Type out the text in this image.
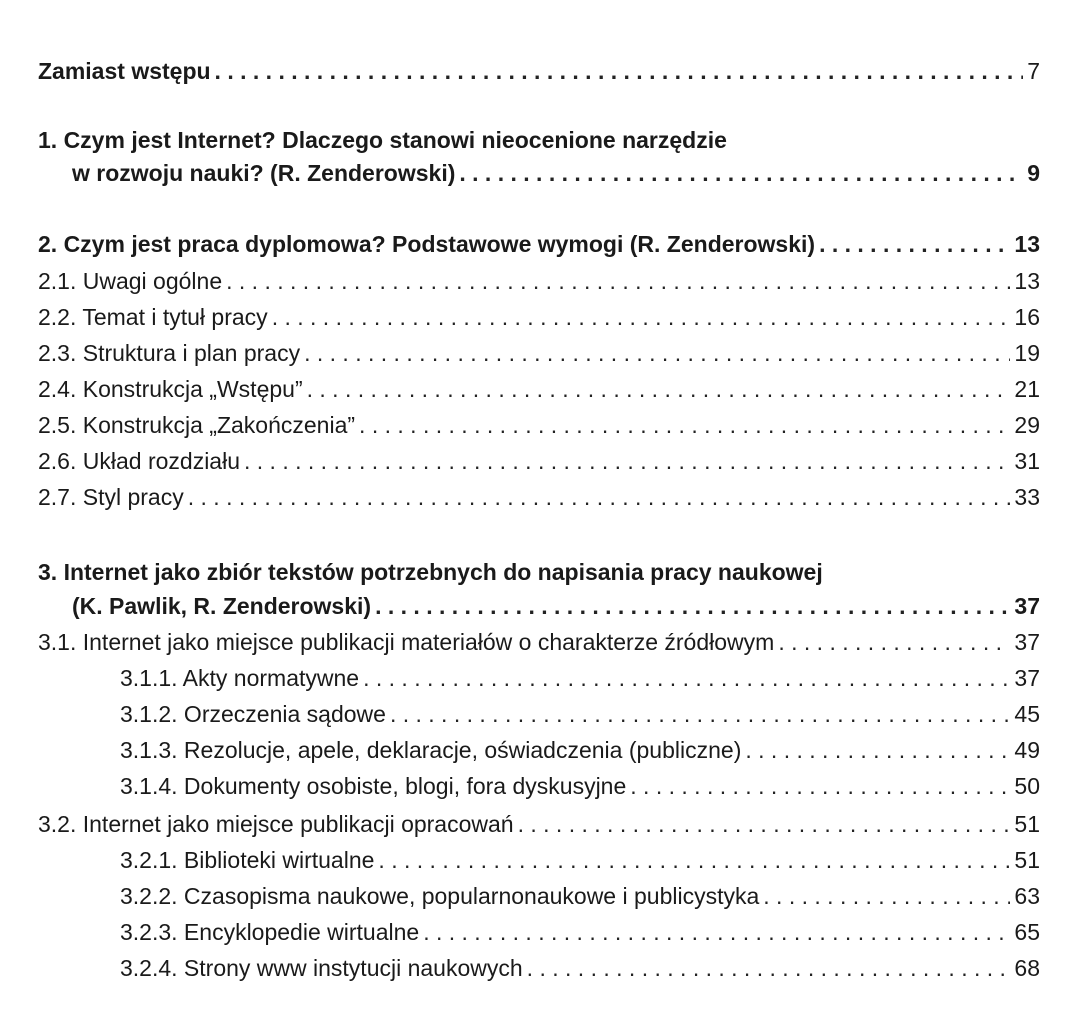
Zamiast wstępu . . .	7
1. Czym jest Internet? Dlaczego stanowi nieocenione narzędzie
w rozwoju nauki? (R. Zenderowski) . . .	9
2. Czym jest praca dyplomowa? Podstawowe wymogi (R. Zenderowski) . . .	13
2.1. Uwagi ogólne . . .	13
2.2. Temat i tytuł pracy . . .	16
2.3. Struktura i plan pracy . . .	19
2.4. Konstrukcja „Wstępu” . . .	21
2.5. Konstrukcja „Zakończenia” . . .	29
2.6. Układ rozdziału . . .	31
2.7. Styl pracy . . .	33
3. Internet jako zbiór tekstów potrzebnych do napisania pracy naukowej
(K. Pawlik, R. Zenderowski) . . .	37
3.1. Internet jako miejsce publikacji materiałów o charakterze źródłowym . . .	37
3.1.1. Akty normatywne . . .	37
3.1.2. Orzeczenia sądowe . . .	45
3.1.3. Rezolucje, apele, deklaracje, oświadczenia (publiczne) . . .	49
3.1.4. Dokumenty osobiste, blogi, fora dyskusyjne . . .	50
3.2. Internet jako miejsce publikacji opracowań . . .	51
3.2.1. Biblioteki wirtualne . . .	51
3.2.2. Czasopisma naukowe, popularnonaukowe i publicystyka . . .	63
3.2.3. Encyklopedie wirtualne . . .	65
3.2.4. Strony www instytucji naukowych . . .	68
